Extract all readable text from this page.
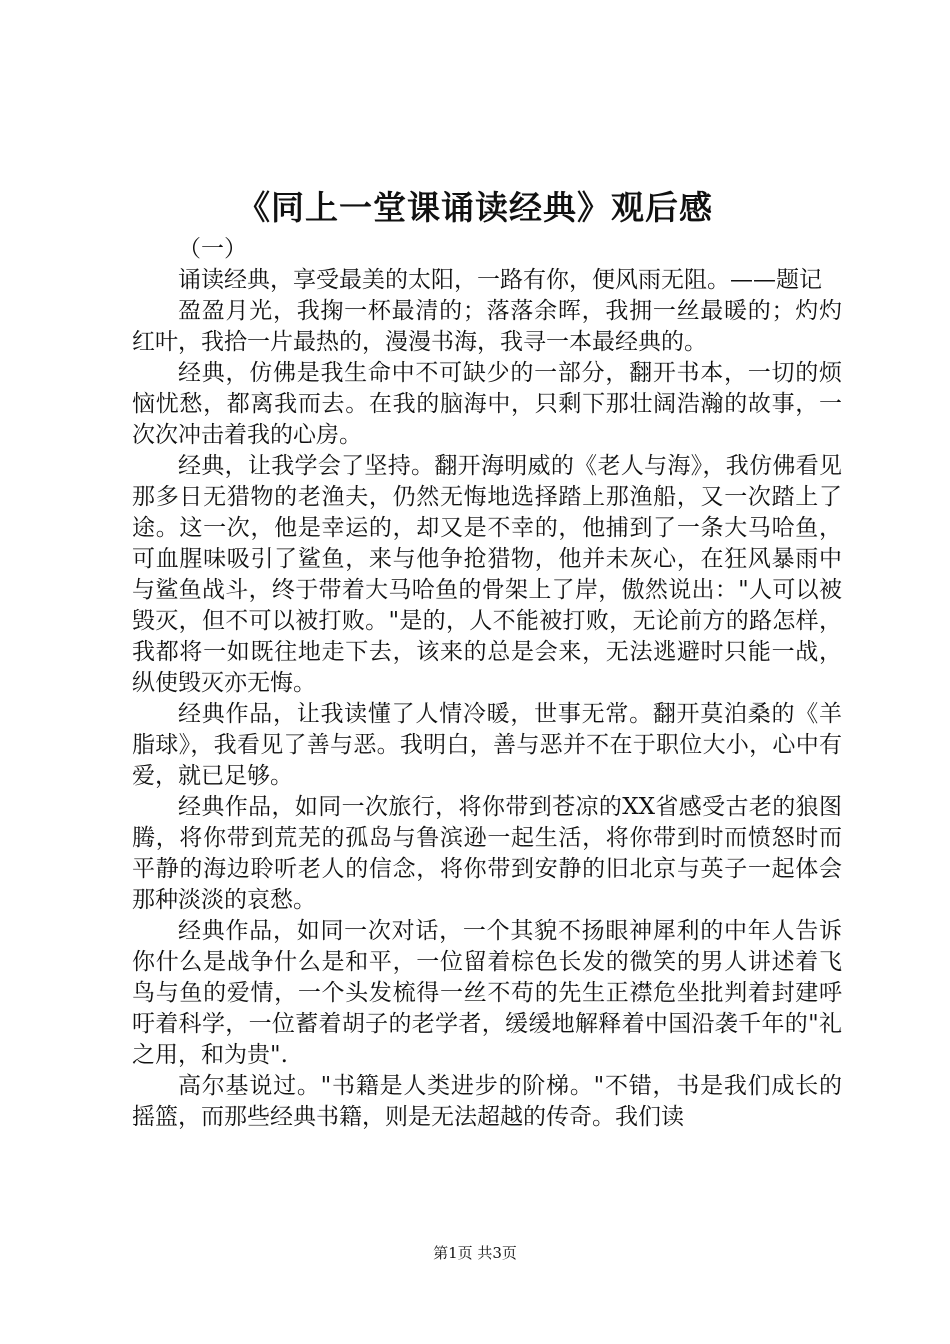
《同上一堂课诵读经典》观后感

（一）

诵读经典，享受最美的太阳，一路有你，便风雨无阻。——题记

盈盈月光，我掬一杯最清的；落落余晖，我拥一丝最暖的；灼灼红叶，我拾一片最热的，漫漫书海，我寻一本最经典的。

经典，仿佛是我生命中不可缺少的一部分，翻开书本，一切的烦恼忧愁，都离我而去。在我的脑海中，只剩下那壮阔浩瀚的故事，一次次冲击着我的心房。

经典，让我学会了坚持。翻开海明威的《老人与海》，我仿佛看见那多日无猎物的老渔夫，仍然无悔地选择踏上那渔船，又一次踏上了途。这一次，他是幸运的，却又是不幸的，他捕到了一条大马哈鱼，可血腥味吸引了鲨鱼，来与他争抢猎物，他并未灰心，在狂风暴雨中与鲨鱼战斗，终于带着大马哈鱼的骨架上了岸，傲然说出："人可以被毁灭，但不可以被打败。"是的，人不能被打败，无论前方的路怎样，我都将一如既往地走下去，该来的总是会来，无法逃避时只能一战，纵使毁灭亦无悔。

经典作品，让我读懂了人情冷暖，世事无常。翻开莫泊桑的《羊脂球》，我看见了善与恶。我明白，善与恶并不在于职位大小，心中有爱，就已足够。

经典作品，如同一次旅行，将你带到苍凉的XX省感受古老的狼图腾，将你带到荒芜的孤岛与鲁滨逊一起生活，将你带到时而愤怒时而平静的海边聆听老人的信念，将你带到安静的旧北京与英子一起体会那种淡淡的哀愁。

经典作品，如同一次对话，一个其貌不扬眼神犀利的中年人告诉你什么是战争什么是和平，一位留着棕色长发的微笑的男人讲述着飞鸟与鱼的爱情，一个头发梳得一丝不苟的先生正襟危坐批判着封建呼吁着科学，一位蓄着胡子的老学者，缓缓地解释着中国沿袭千年的"礼之用，和为贵".

高尔基说过。"书籍是人类进步的阶梯。"不错，书是我们成长的摇篮，而那些经典书籍，则是无法超越的传奇。我们读

第1页 共3页
